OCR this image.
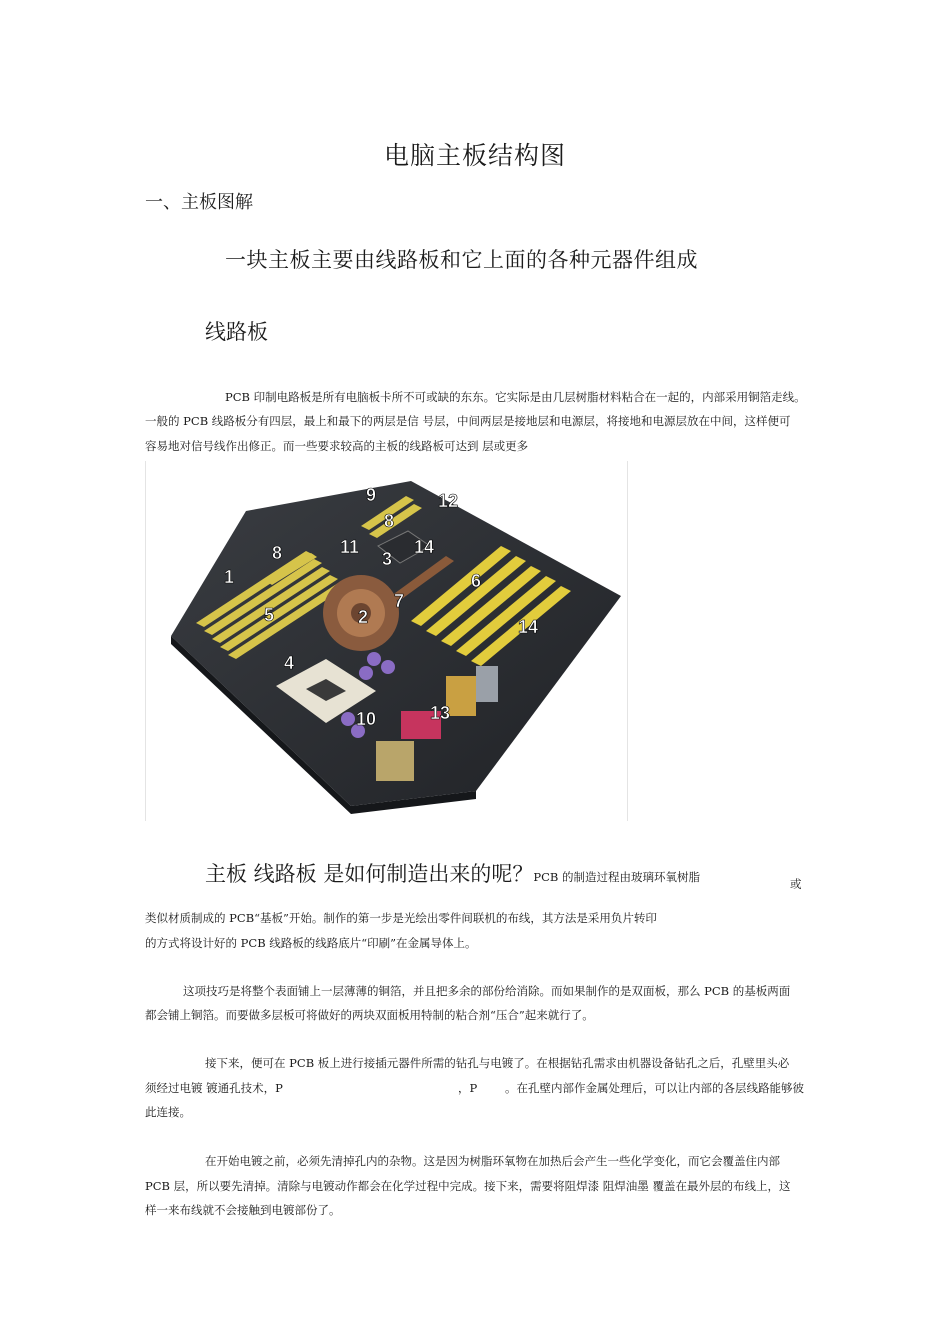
电脑主板结构图
一、主板图解
一块主板主要由线路板和它上面的各种元器件组成
线路板
PCB 印制电路板是所有电脑板卡所不可或缺的东东。它实际是由几层树脂材料粘合在一起的，内部采用铜箔走线。
一般的 PCB 线路板分有四层，最上和最下的两层是信 号层，中间两层是接地层和电源层，将接地和电源层放在中间，这样便可
容易地对信号线作出修正。而一些要求较高的主板的线路板可达到 层或更多
1
2
3
4
5
6
7
8
8
9
10
11
12
13
14
14
主板 线路板 是如何制造出来的呢？PCB 的制造过程由玻璃环氧树脂	或
类似材质制成的 PCB“基板”开始。制作的第一步是光绘出零件间联机的布线，其方法是采用负片转印
的方式将设计好的 PCB 线路板的线路底片“印刷”在金属导体上。
这项技巧是将整个表面铺上一层薄薄的铜箔，并且把多余的部份给消除。而如果制作的是双面板，那么 PCB 的基板两面
都会铺上铜箔。而要做多层板可将做好的两块双面板用特制的粘合剂“压合”起来就行了。
接下来，便可在 PCB 板上进行接插元器件所需的钻孔与电镀了。在根据钻孔需求由机器设备钻孔之后，孔壁里头必
须经过电镀 镀通孔技术，P	，P 。在孔壁内部作金属处理后，可以让内部的各层线路能够彼
此连接。
在开始电镀之前，必须先清掉孔内的杂物。这是因为树脂环氧物在加热后会产生一些化学变化，而它会覆盖住内部
PCB 层，所以要先清掉。清除与电镀动作都会在化学过程中完成。接下来，需要将阻焊漆 阻焊油墨 覆盖在最外层的布线上，这
样一来布线就不会接触到电镀部份了。
